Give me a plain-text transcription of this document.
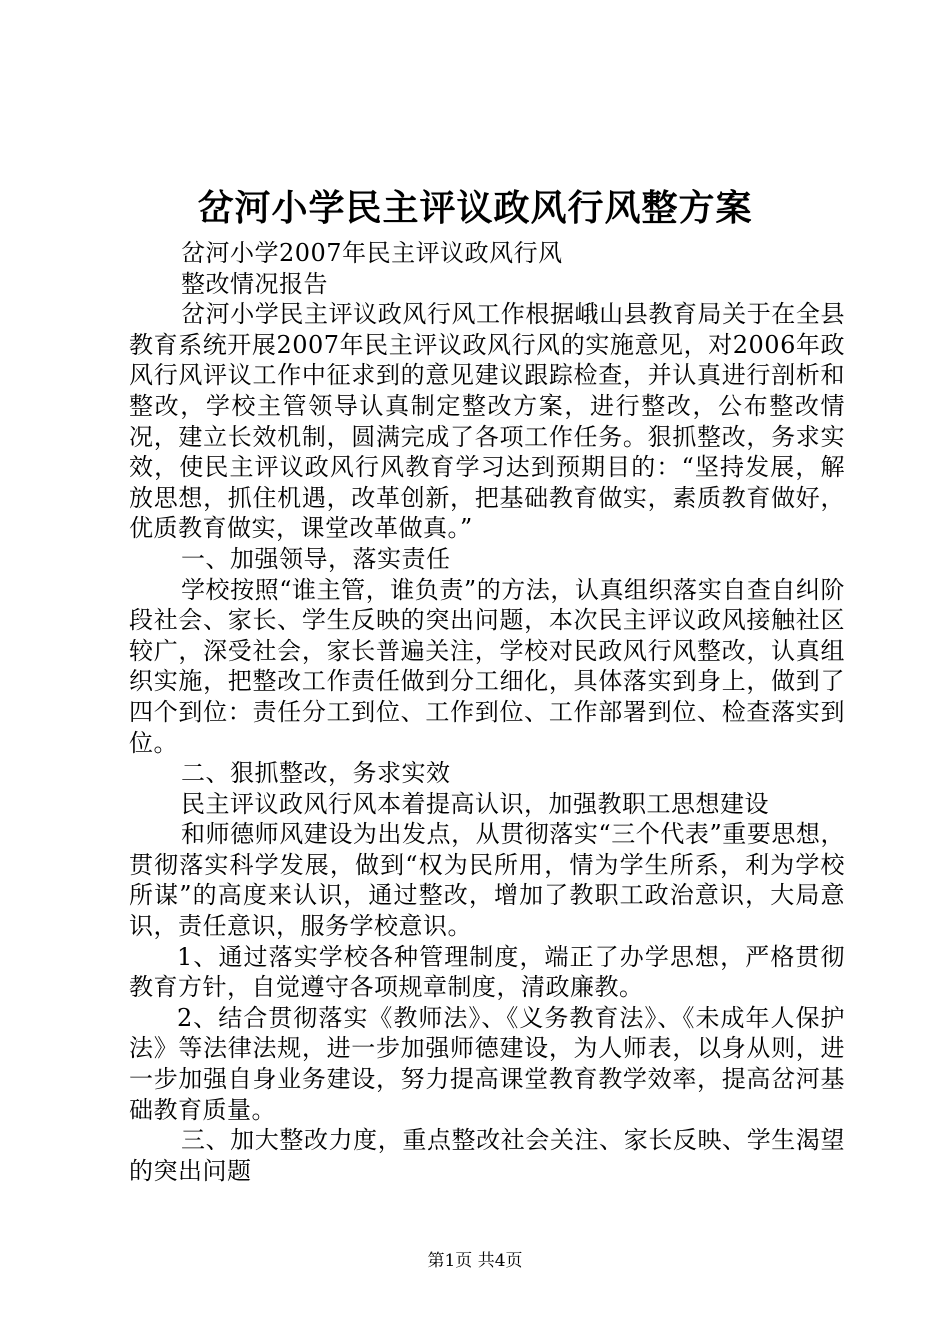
岔河小学民主评议政风行风整方案

岔河小学2007年民主评议政风行风

整改情况报告

岔河小学民主评议政风行风工作根据峨山县教育局关于在全县教育系统开展2007年民主评议政风行风的实施意见，对2006年政风行风评议工作中征求到的意见建议跟踪检查，并认真进行剖析和整改，学校主管领导认真制定整改方案，进行整改，公布整改情况，建立长效机制，圆满完成了各项工作任务。狠抓整改，务求实效，使民主评议政风行风教育学习达到预期目的：“坚持发展，解放思想，抓住机遇，改革创新，把基础教育做实，素质教育做好，优质教育做实，课堂改革做真。”

一、加强领导，落实责任

学校按照“谁主管，谁负责”的方法，认真组织落实自查自纠阶段社会、家长、学生反映的突出问题，本次民主评议政风接触社区较广，深受社会，家长普遍关注，学校对民政风行风整改，认真组织实施，把整改工作责任做到分工细化，具体落实到身上，做到了四个到位：责任分工到位、工作到位、工作部署到位、检查落实到位。

二、狠抓整改，务求实效

民主评议政风行风本着提高认识，加强教职工思想建设

和师德师风建设为出发点，从贯彻落实“三个代表”重要思想，贯彻落实科学发展，做到“权为民所用，情为学生所系，利为学校所谋”的高度来认识，通过整改，增加了教职工政治意识，大局意识，责任意识，服务学校意识。

1、通过落实学校各种管理制度，端正了办学思想，严格贯彻教育方针，自觉遵守各项规章制度，清政廉教。

2、结合贯彻落实《教师法》、《义务教育法》、《未成年人保护法》等法律法规，进一步加强师德建设，为人师表，以身从则，进一步加强自身业务建设，努力提高课堂教育教学效率，提高岔河基础教育质量。

三、加大整改力度，重点整改社会关注、家长反映、学生渴望的突出问题

第1页 共4页
